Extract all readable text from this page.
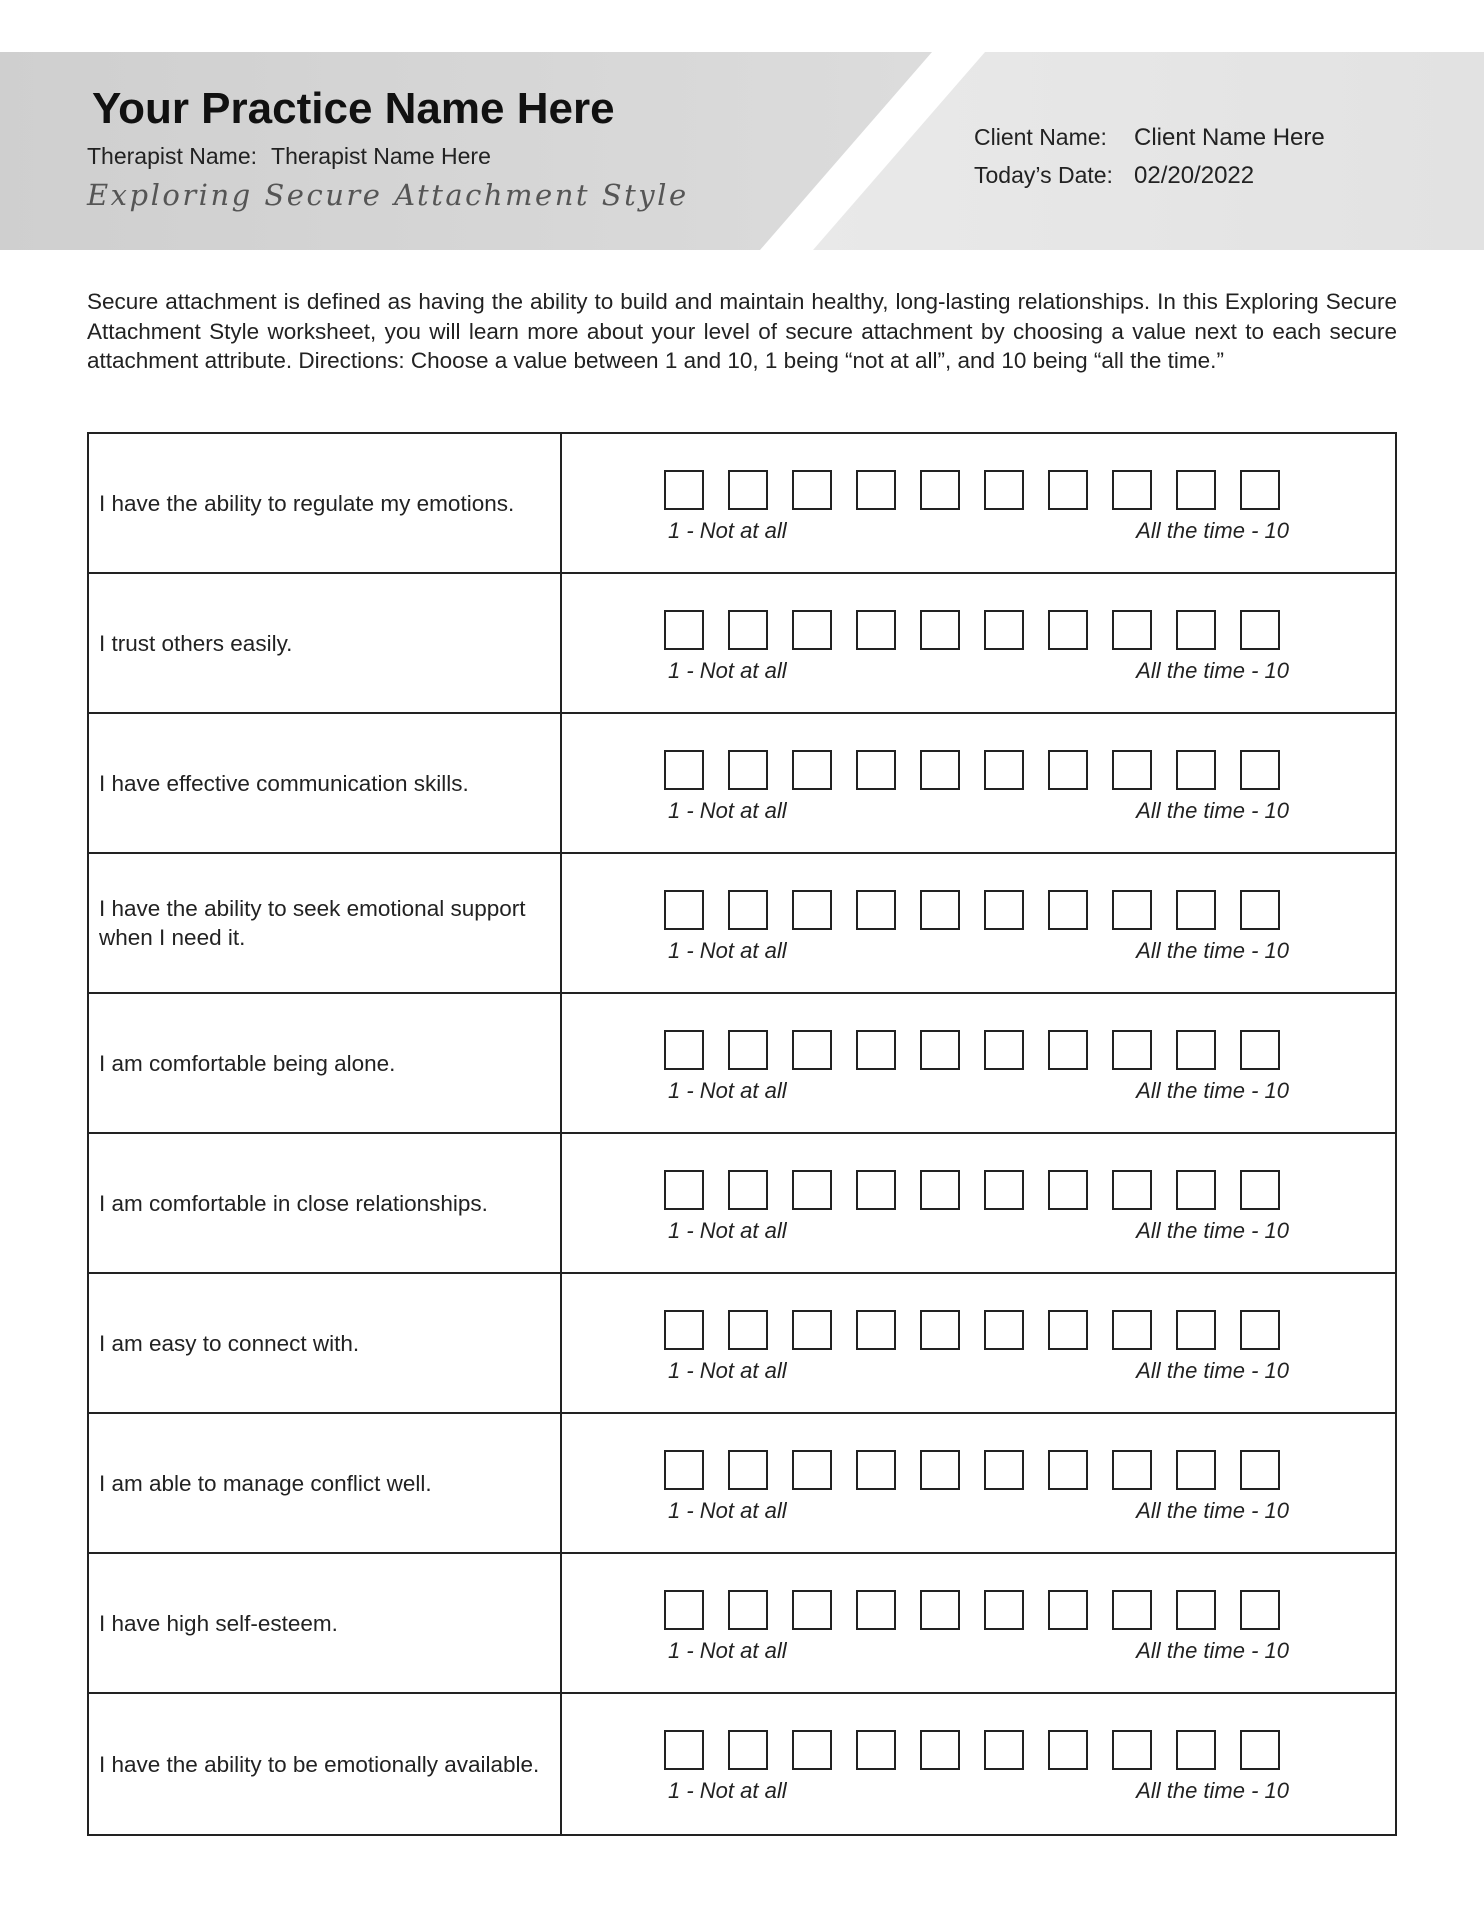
Your Practice Name Here
Therapist Name: Therapist Name Here
Exploring Secure Attachment Style
Client Name: Client Name Here
Today’s Date: 02/20/2022

Secure attachment is defined as having the ability to build and maintain healthy, long-lasting relationships. In this Exploring Secure Attachment Style worksheet, you will learn more about your level of secure attachment by choosing a value next to each secure attachment attribute. Directions: Choose a value between 1 and 10, 1 being “not at all”, and 10 being “all the time.”

I have the ability to regulate my emotions.
1 - Not at all	All the time - 10
I trust others easily.
1 - Not at all	All the time - 10
I have effective communication skills.
1 - Not at all	All the time - 10
I have the ability to seek emotional support when I need it.
1 - Not at all	All the time - 10
I am comfortable being alone.
1 - Not at all	All the time - 10
I am comfortable in close relationships.
1 - Not at all	All the time - 10
I am easy to connect with.
1 - Not at all	All the time - 10
I am able to manage conflict well.
1 - Not at all	All the time - 10
I have high self-esteem.
1 - Not at all	All the time - 10
I have the ability to be emotionally available.
1 - Not at all	All the time - 10
